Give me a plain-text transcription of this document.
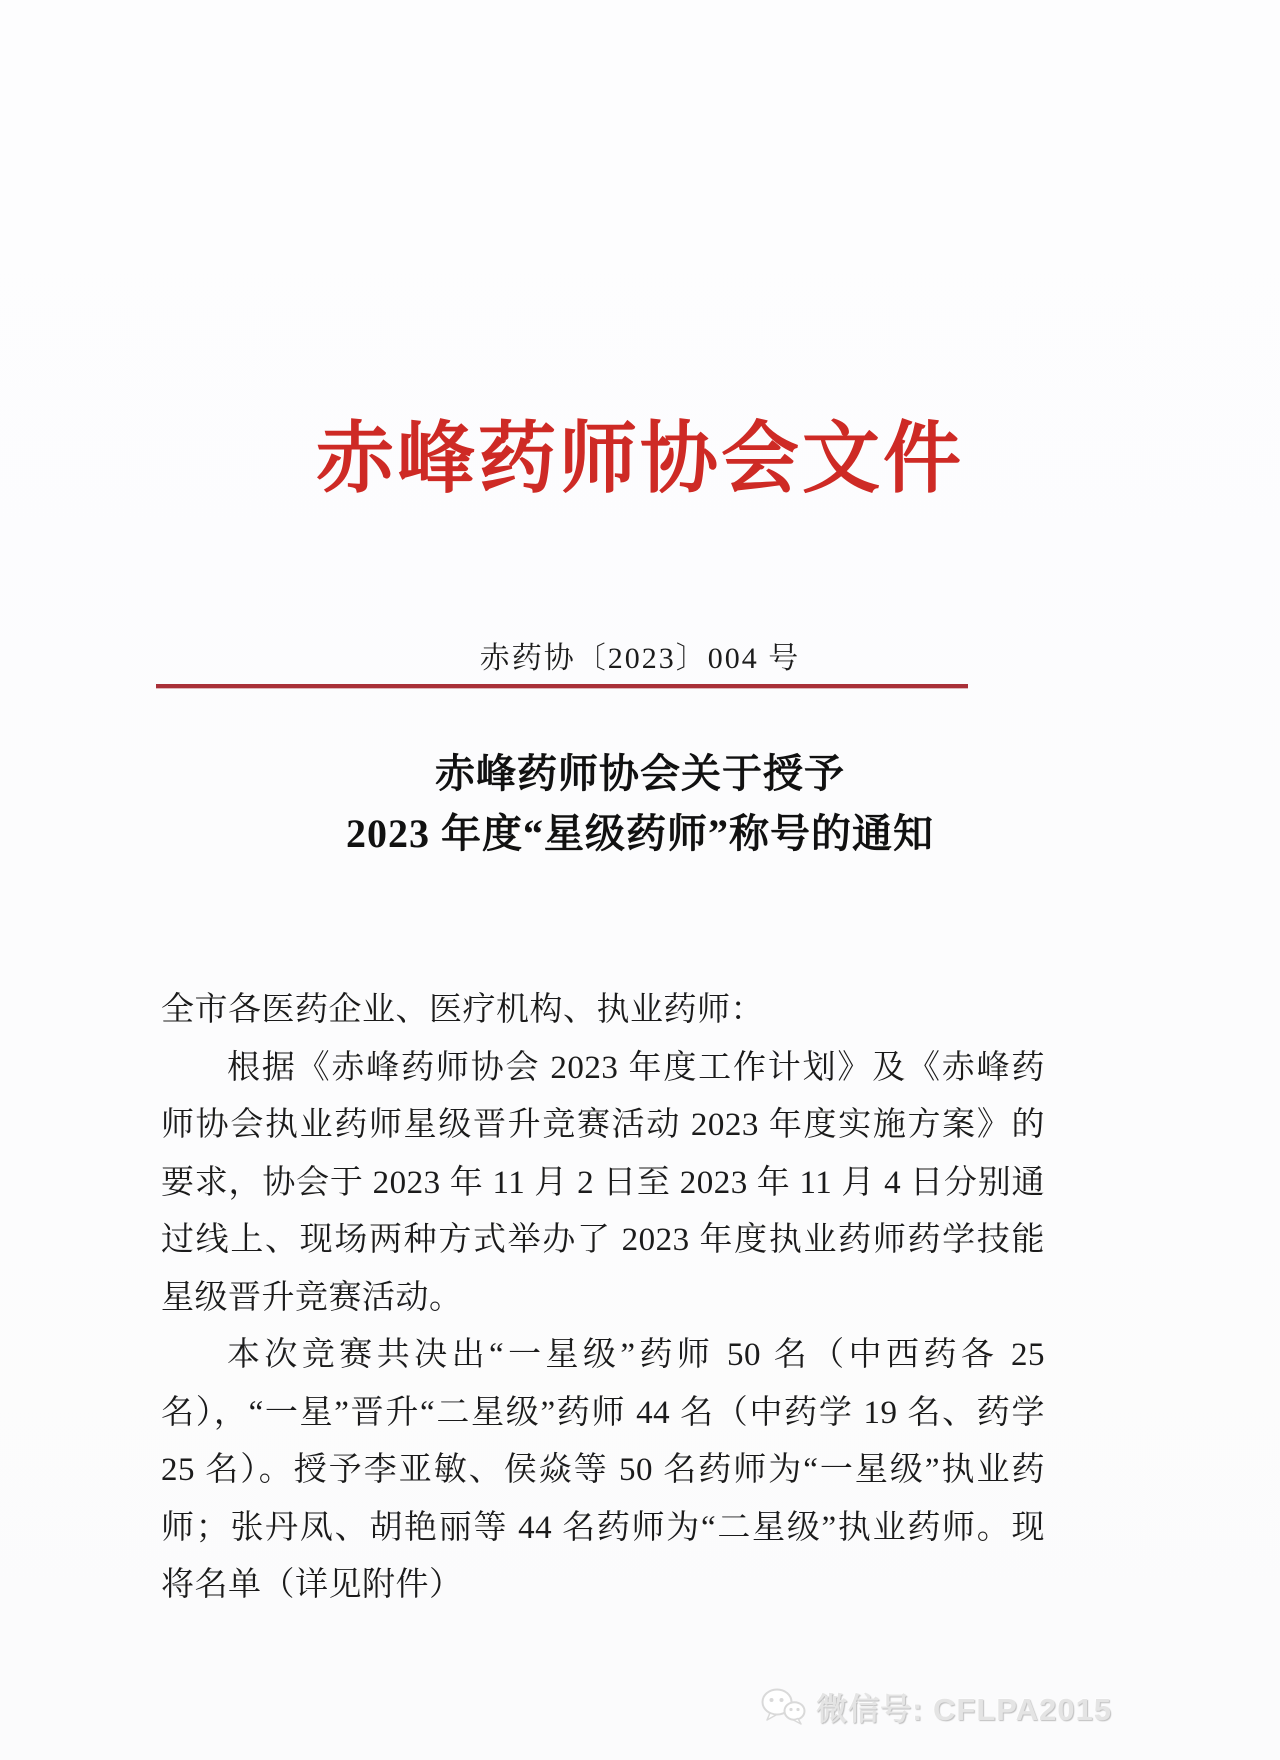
赤峰药师协会文件
赤药协〔2023〕004 号
赤峰药师协会关于授予
2023 年度“星级药师”称号的通知

全市各医药企业、医疗机构、执业药师：

根据《赤峰药师协会 2023 年度工作计划》及《赤峰药师协会执业药师星级晋升竞赛活动 2023 年度实施方案》的要求，协会于 2023 年 11 月 2 日至 2023 年 11 月 4 日分别通过线上、现场两种方式举办了 2023 年度执业药师药学技能星级晋升竞赛活动。

本次竞赛共决出“一星级”药师 50 名（中西药各 25 名），“一星”晋升“二星级”药师 44 名（中药学 19 名、药学 25 名）。授予李亚敏、侯焱等 50 名药师为“一星级”执业药师；张丹凤、胡艳丽等 44 名药师为“二星级”执业药师。现将名单（详见附件）

微信号: CFLPA2015
